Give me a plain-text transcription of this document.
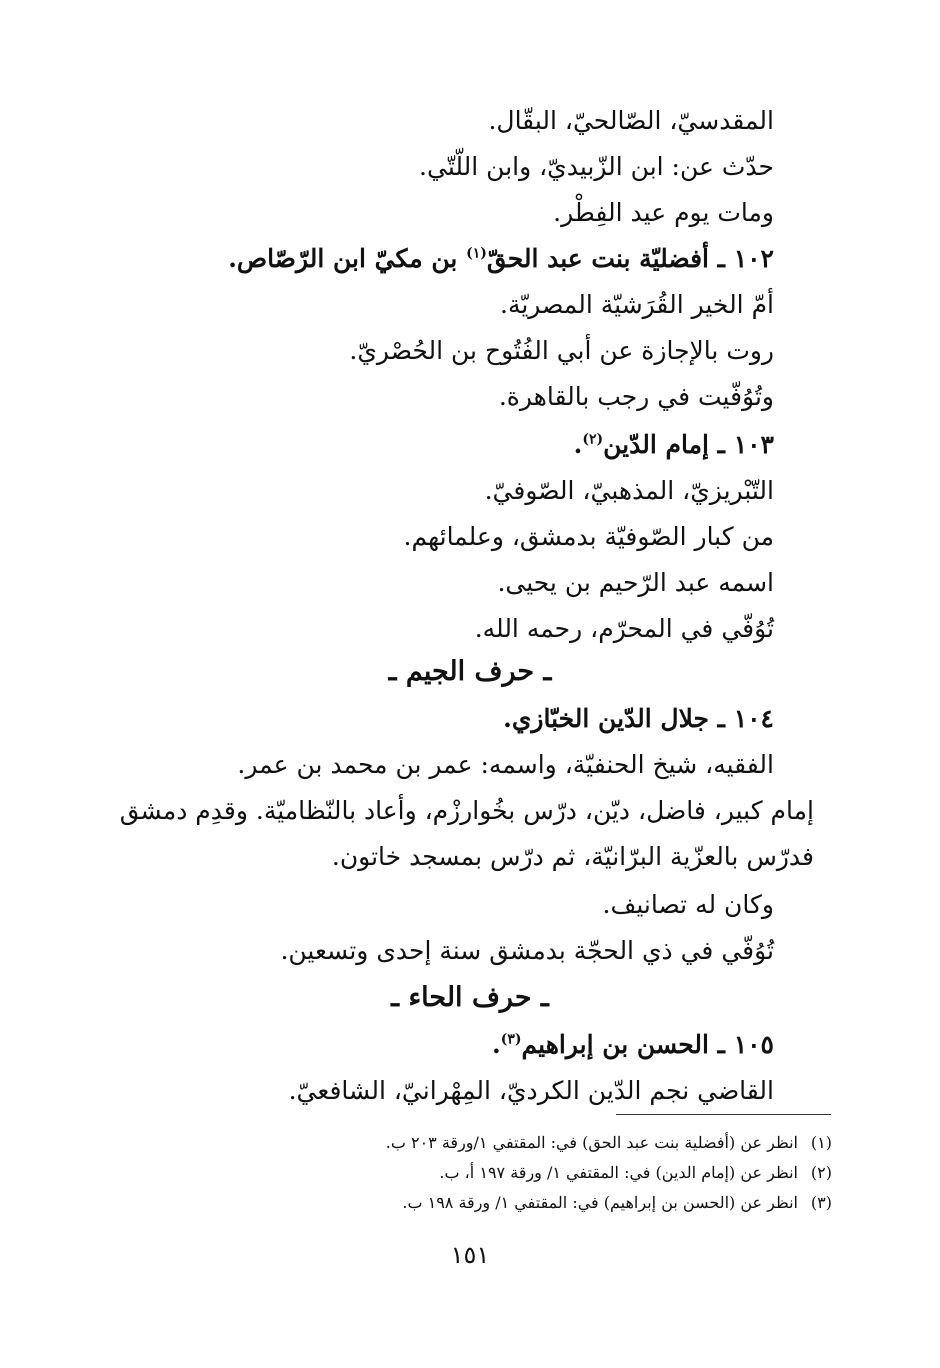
المقدسيّ، الصّالحيّ، البقّال.
حدّث عن: ابن الزّبيديّ، وابن اللّتّي.
ومات يوم عيد الفِطْر.
١٠٢ ـ أفضليّة بنت عبد الحقّ$^{(١)}$ بن مكيّ ابن الرّصّاص.
أمّ الخير القُرَشيّة المصريّة.
روت بالإجازة عن أبي الفُتُوح بن الحُصْريّ.
وتُوُفّيت في رجب بالقاهرة.
١٠٣ ـ إمام الدّين$^{(٢)}$.
التّبْريزيّ، المذهبيّ، الصّوفيّ.
من كبار الصّوفيّة بدمشق، وعلمائهم.
اسمه عبد الرّحيم بن يحيى.
تُوُفّي في المحرّم، رحمه الله.
ـ حرف الجيم ـ
١٠٤ ـ جلال الدّين الخبّازي.
الفقيه، شيخ الحنفيّة، واسمه: عمر بن محمد بن عمر.
إمام كبير، فاضل، ديّن، درّس بخُوارزْم، وأعاد بالنّظاميّة. وقدِم دمشق
فدرّس بالعزّية البرّانيّة، ثم درّس بمسجد خاتون.
وكان له تصانيف.
تُوُفّي في ذي الحجّة بدمشق سنة إحدى وتسعين.
ـ حرف الحاء ـ
١٠٥ ـ الحسن بن إبراهيم$^{(٣)}$.
القاضي نجم الدّين الكرديّ، المِهْرانيّ، الشافعيّ.
(١)انظر عن (أفضلية بنت عبد الحق) في: المقتفي ١/ورقة ٢٠٣ ب.
(٢)انظر عن (إمام الدين) في: المقتفي ١/ ورقة ١٩٧ أ، ب.
(٣)انظر عن (الحسن بن إبراهيم) في: المقتفي ١/ ورقة ١٩٨ ب.
١٥١
